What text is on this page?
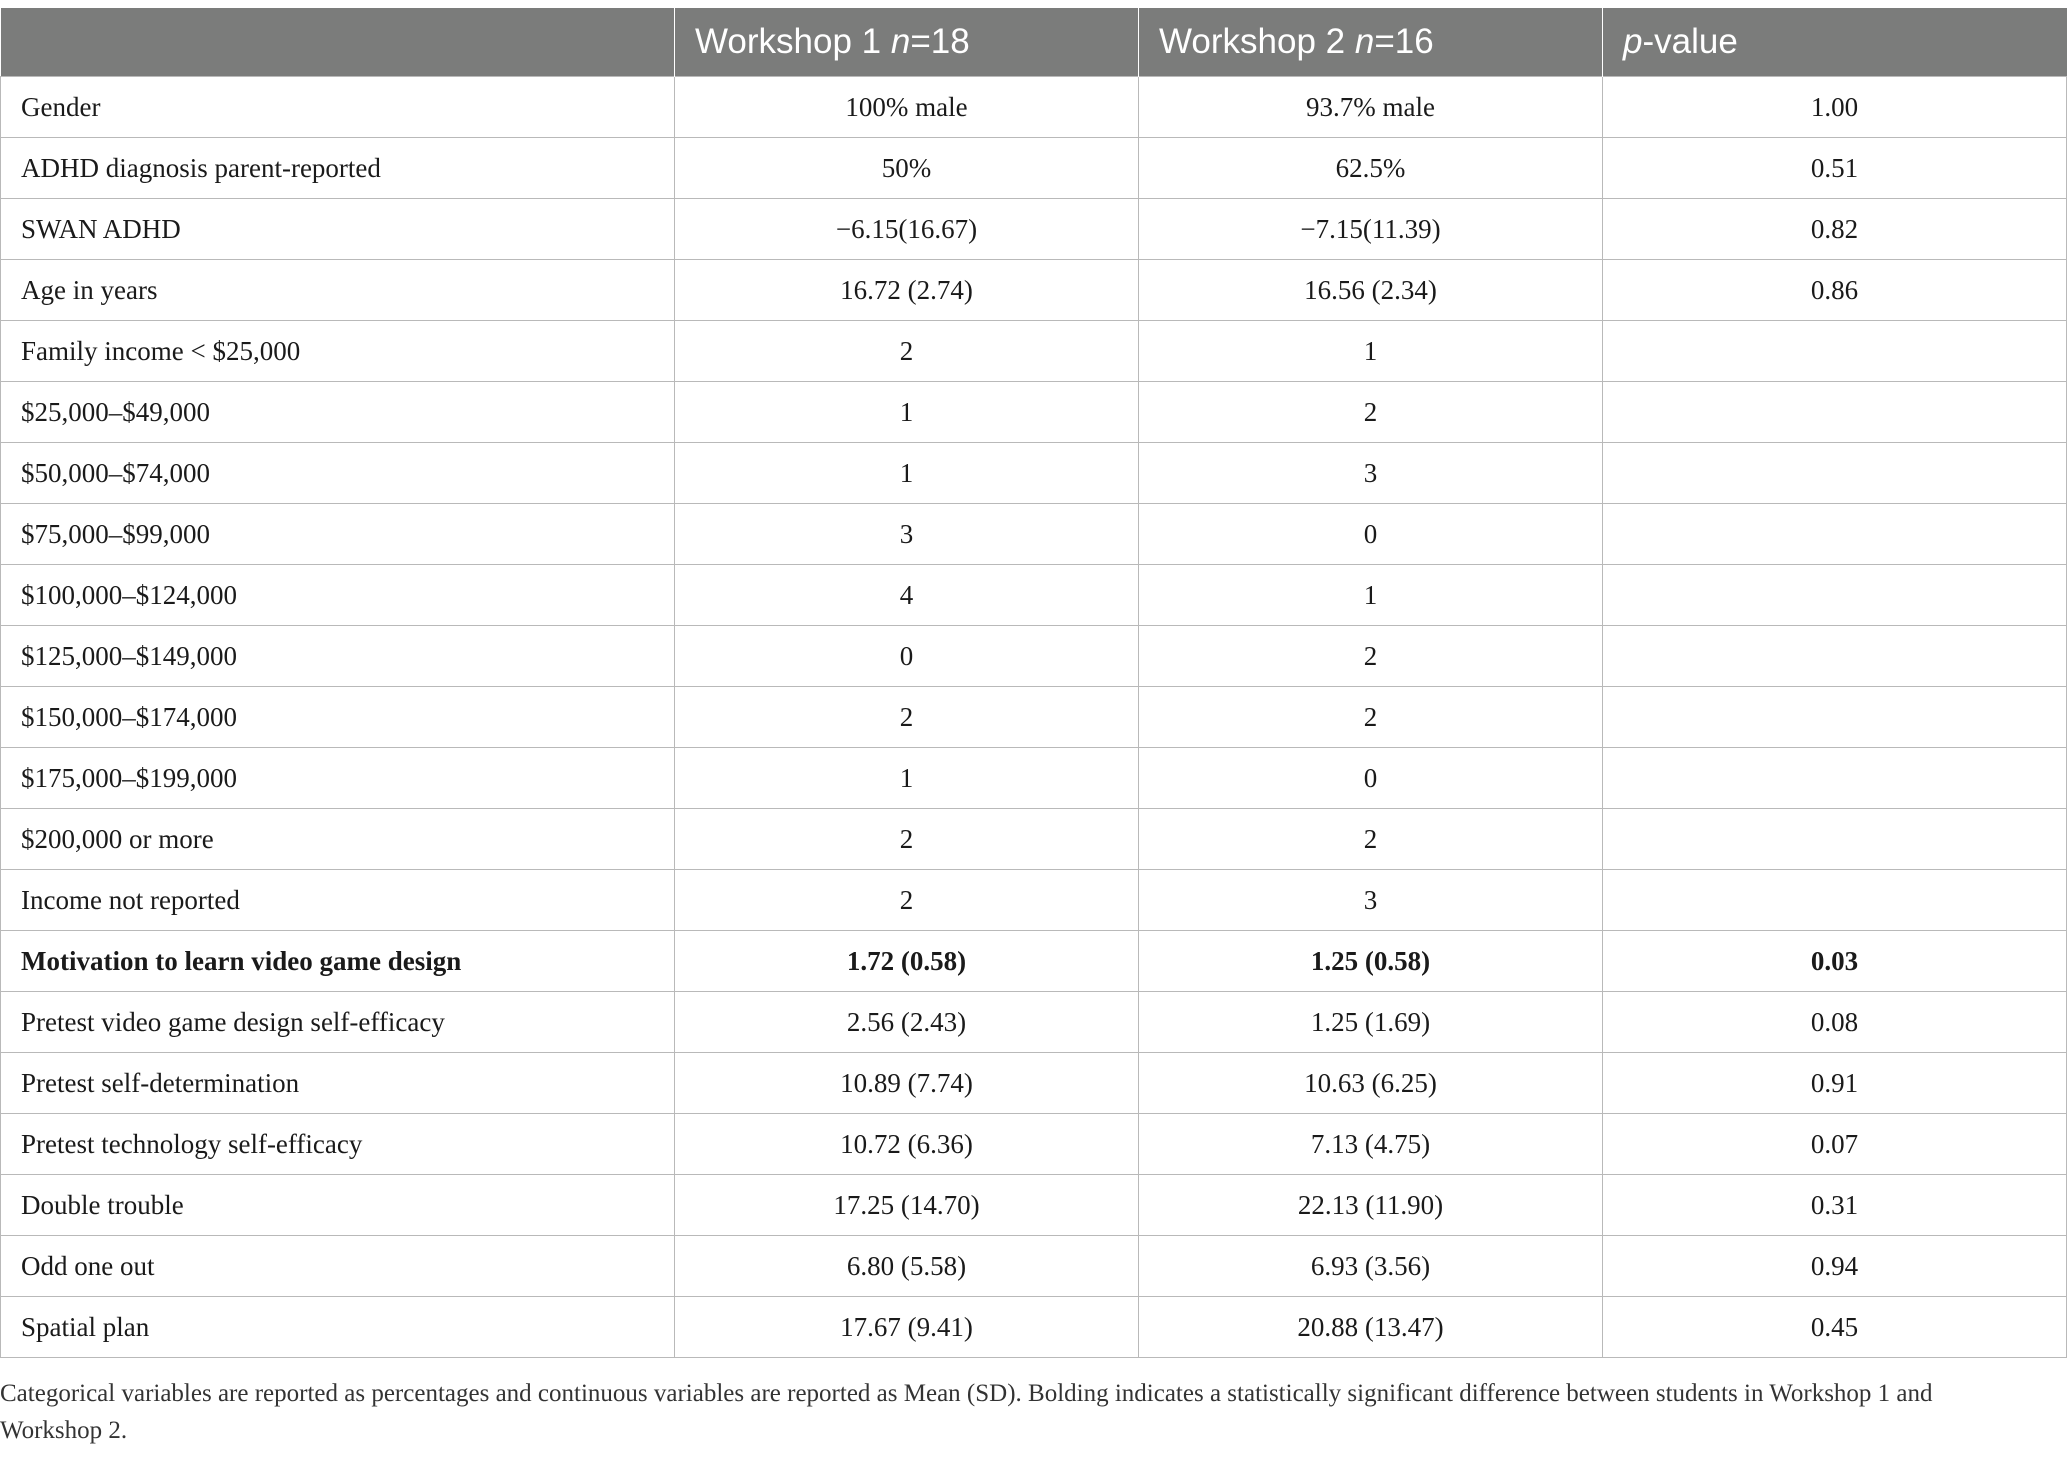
	Workshop 1 n=18	Workshop 2 n=16	p-value
Gender	100% male	93.7% male	1.00
ADHD diagnosis parent-reported	50%	62.5%	0.51
SWAN ADHD	−6.15(16.67)	−7.15(11.39)	0.82
Age in years	16.72 (2.74)	16.56 (2.34)	0.86
Family income < $25,000	2	1	
$25,000–$49,000	1	2	
$50,000–$74,000	1	3	
$75,000–$99,000	3	0	
$100,000–$124,000	4	1	
$125,000–$149,000	0	2	
$150,000–$174,000	2	2	
$175,000–$199,000	1	0	
$200,000 or more	2	2	
Income not reported	2	3	
Motivation to learn video game design	1.72 (0.58)	1.25 (0.58)	0.03
Pretest video game design self-efficacy	2.56 (2.43)	1.25 (1.69)	0.08
Pretest self-determination	10.89 (7.74)	10.63 (6.25)	0.91
Pretest technology self-efficacy	10.72 (6.36)	7.13 (4.75)	0.07
Double trouble	17.25 (14.70)	22.13 (11.90)	0.31
Odd one out	6.80 (5.58)	6.93 (3.56)	0.94
Spatial plan	17.67 (9.41)	20.88 (13.47)	0.45
Categorical variables are reported as percentages and continuous variables are reported as Mean (SD). Bolding indicates a statistically significant difference between students in Workshop 1 and Workshop 2.
